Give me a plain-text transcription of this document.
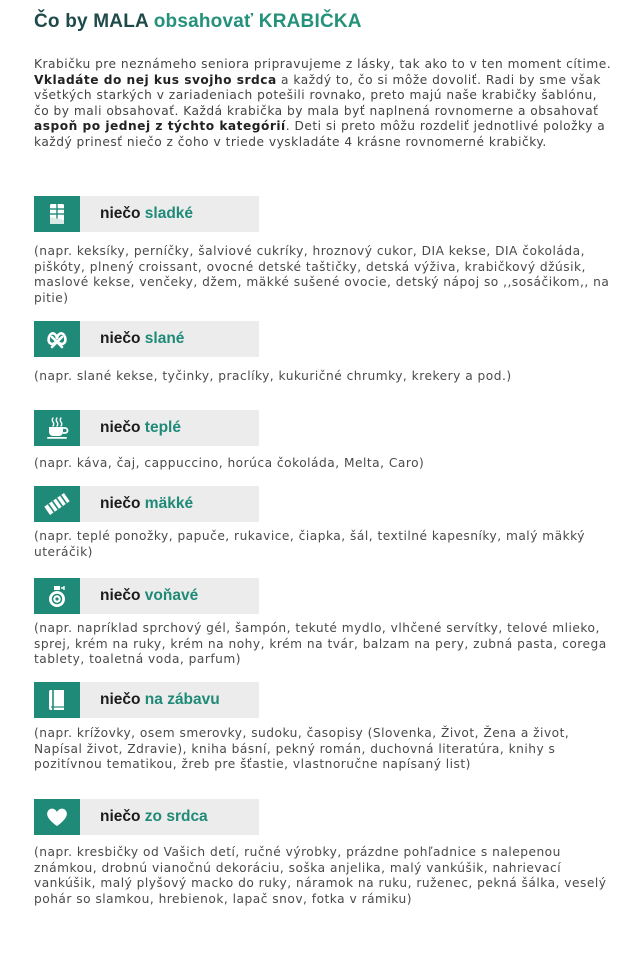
Čo by MALA obsahovať KRABIČKA

Krabičku pre neznámeho seniora pripravujeme z lásky, tak ako to v ten moment cítime. Vkladáte do nej kus svojho srdca a každý to, čo si môže dovoliť. Radi by sme však všetkých starkých v zariadeniach potešili rovnako, preto majú naše krabičky šablónu, čo by mali obsahovať. Každá krabička by mala byť naplnená rovnomerne a obsahovať aspoň po jednej z týchto kategórií. Deti si preto môžu rozdeliť jednotlivé položky a každý prinesť niečo z čoho v triede vyskladáte 4 krásne rovnomerné krabičky.

niečo sladké

(napr. keksíky, perníčky, šalviové cukríky, hroznový cukor, DIA kekse, DIA čokoláda, piškóty, plnený croissant, ovocné detské taštičky, detská výživa, krabičkový džúsik, maslové kekse, venčeky, džem, mäkké sušené ovocie, detský nápoj so ,,sosáčikom,, na pitie)

niečo slané

(napr. slané kekse, tyčinky, praclíky, kukuričné chrumky, krekery a pod.)

niečo teplé

(napr. káva, čaj, cappuccino, horúca čokoláda, Melta, Caro)

niečo mäkké

(napr. teplé ponožky, papuče, rukavice, čiapka, šál, textilné kapesníky, malý mäkký uteráčik)

niečo voňavé

(napr. napríklad sprchový gél, šampón, tekuté mydlo, vlhčené servítky, telové mlieko, sprej, krém na ruky, krém na nohy, krém na tvár, balzam na pery, zubná pasta, corega tablety, toaletná voda, parfum)

niečo na zábavu

(napr. krížovky, osem smerovky, sudoku, časopisy (Slovenka, Život, Žena a život, Napísal život, Zdravie), kniha básní, pekný román, duchovná literatúra, knihy s pozitívnou tematikou, žreb pre šťastie, vlastnoručne napísaný list)

niečo zo srdca

(napr. kresbičky od Vašich detí, ručné výrobky, prázdne pohľadnice s nalepenou známkou, drobnú vianočnú dekoráciu, soška anjelika, malý vankúšik, nahrievací vankúšik, malý plyšový macko do ruky, náramok na ruku, ruženec, pekná šálka, veselý pohár so slamkou, hrebienok, lapač snov, fotka v rámiku)
